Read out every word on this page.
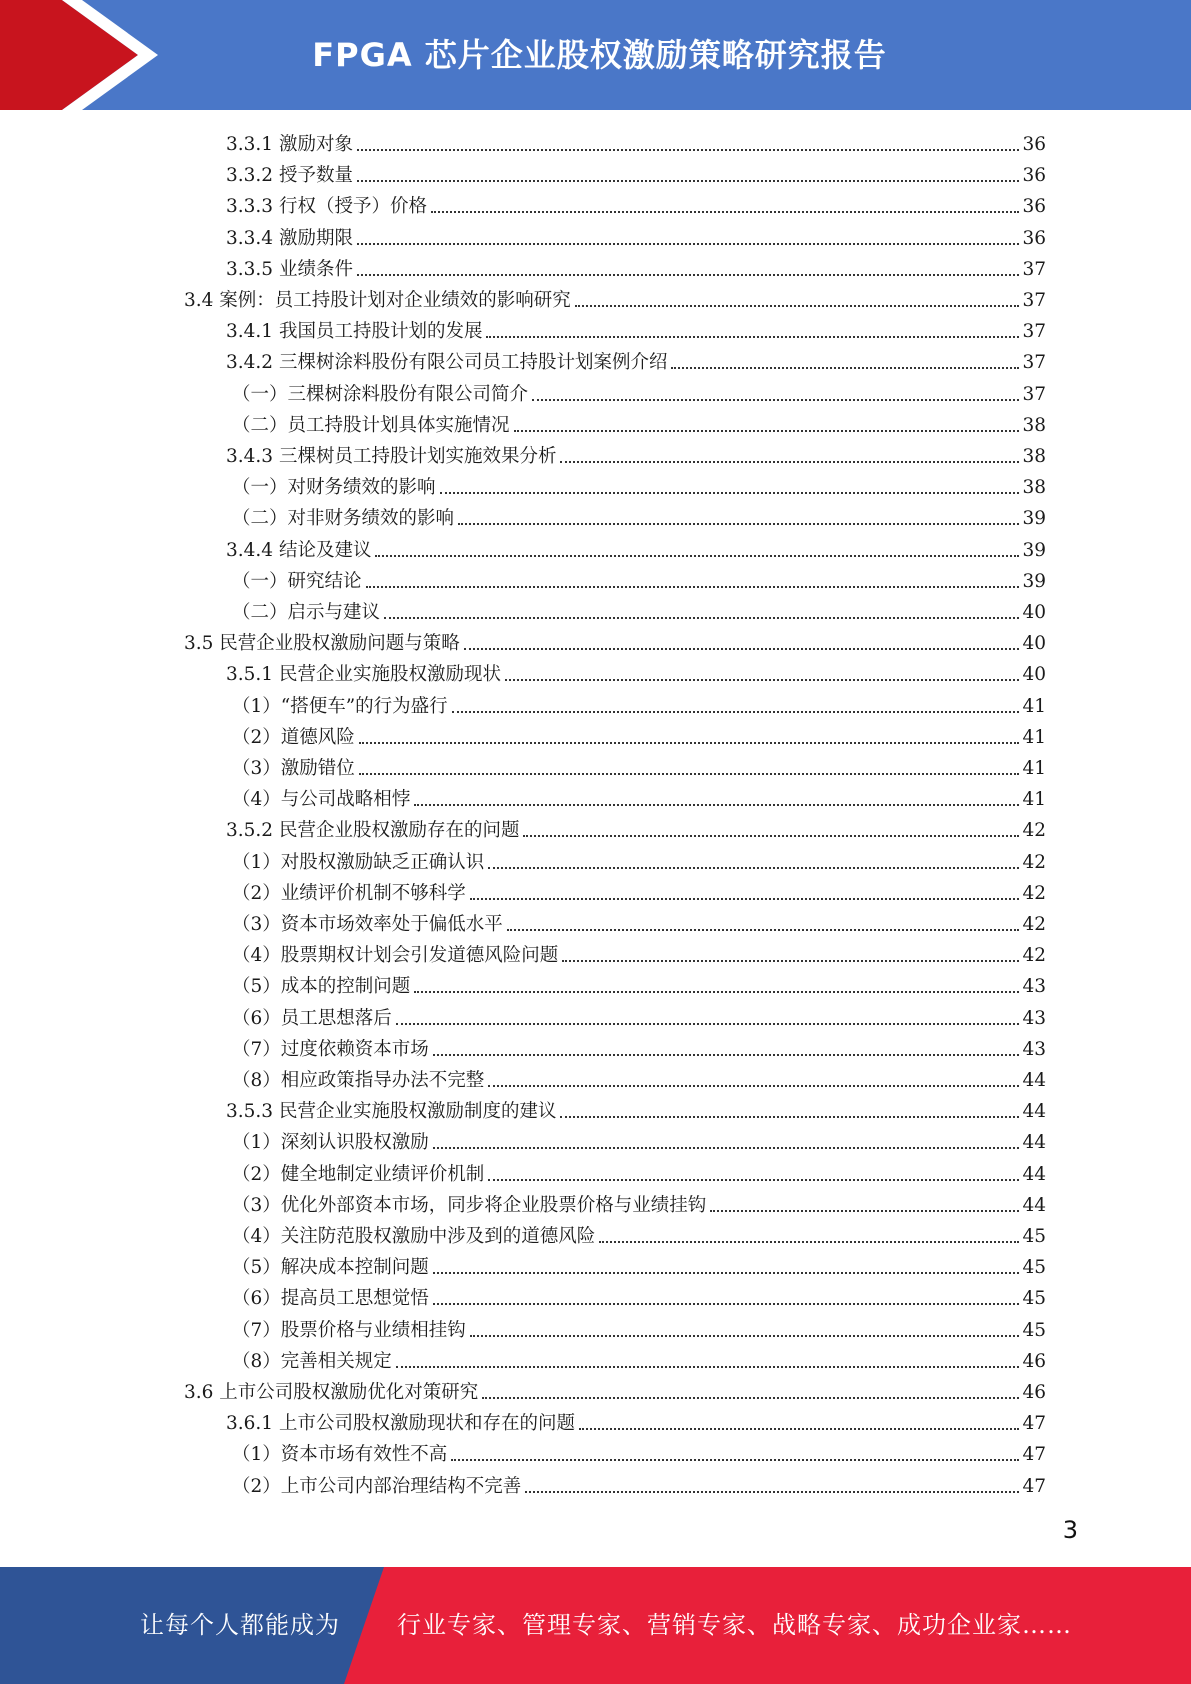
FPGA 芯片企业股权激励策略研究报告
3.3.1 激励对象	36
3.3.2 授予数量	36
3.3.3 行权（授予）价格	36
3.3.4 激励期限	36
3.3.5 业绩条件	37
3.4 案例：员工持股计划对企业绩效的影响研究	37
3.4.1 我国员工持股计划的发展	37
3.4.2 三棵树涂料股份有限公司员工持股计划案例介绍	37
（一）三棵树涂料股份有限公司简介	37
（二）员工持股计划具体实施情况	38
3.4.3 三棵树员工持股计划实施效果分析	38
（一）对财务绩效的影响	38
（二）对非财务绩效的影响	39
3.4.4 结论及建议	39
（一）研究结论	39
（二）启示与建议	40
3.5 民营企业股权激励问题与策略	40
3.5.1 民营企业实施股权激励现状	40
（1）“搭便车”的行为盛行	41
（2）道德风险	41
（3）激励错位	41
（4）与公司战略相悖	41
3.5.2 民营企业股权激励存在的问题	42
（1）对股权激励缺乏正确认识	42
（2）业绩评价机制不够科学	42
（3）资本市场效率处于偏低水平	42
（4）股票期权计划会引发道德风险问题	42
（5）成本的控制问题	43
（6）员工思想落后	43
（7）过度依赖资本市场	43
（8）相应政策指导办法不完整	44
3.5.3 民营企业实施股权激励制度的建议	44
（1）深刻认识股权激励	44
（2）健全地制定业绩评价机制	44
（3）优化外部资本市场，同步将企业股票价格与业绩挂钩	44
（4）关注防范股权激励中涉及到的道德风险	45
（5）解决成本控制问题	45
（6）提高员工思想觉悟	45
（7）股票价格与业绩相挂钩	45
（8）完善相关规定	46
3.6 上市公司股权激励优化对策研究	46
3.6.1 上市公司股权激励现状和存在的问题	47
（1）资本市场有效性不高	47
（2）上市公司内部治理结构不完善	47
3
让每个人都能成为 行业专家、管理专家、营销专家、战略专家、成功企业家……
